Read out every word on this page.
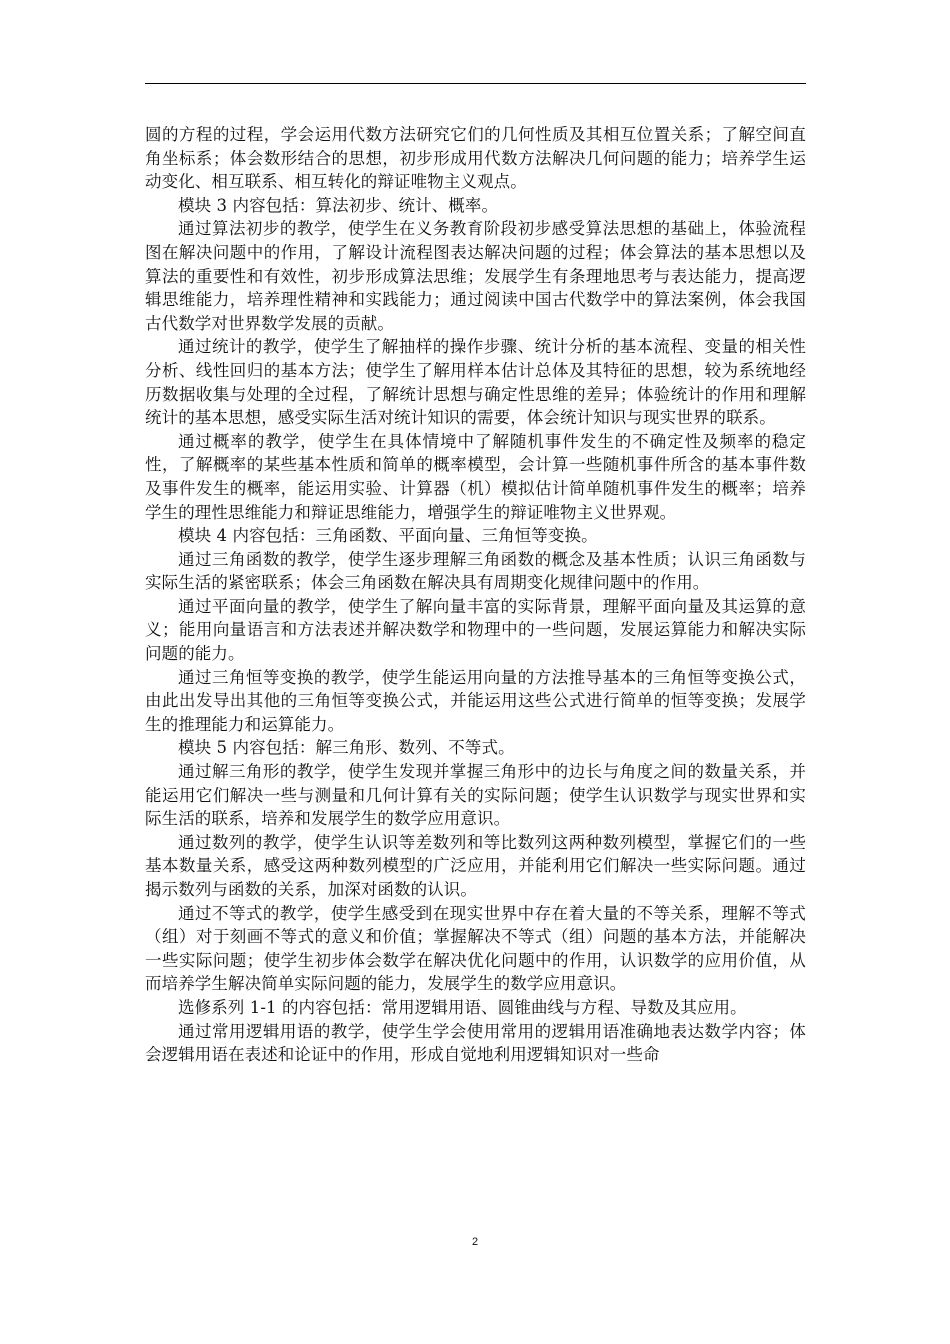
圆的方程的过程，学会运用代数方法研究它们的几何性质及其相互位置关系；了解空间直角坐标系；体会数形结合的思想，初步形成用代数方法解决几何问题的能力；培养学生运动变化、相互联系、相互转化的辩证唯物主义观点。

模块 3 内容包括：算法初步、统计、概率。

通过算法初步的教学，使学生在义务教育阶段初步感受算法思想的基础上，体验流程图在解决问题中的作用，了解设计流程图表达解决问题的过程；体会算法的基本思想以及算法的重要性和有效性，初步形成算法思维；发展学生有条理地思考与表达能力，提高逻辑思维能力，培养理性精神和实践能力；通过阅读中国古代数学中的算法案例，体会我国古代数学对世界数学发展的贡献。

通过统计的教学，使学生了解抽样的操作步骤、统计分析的基本流程、变量的相关性分析、线性回归的基本方法；使学生了解用样本估计总体及其特征的思想，较为系统地经历数据收集与处理的全过程，了解统计思想与确定性思维的差异；体验统计的作用和理解统计的基本思想，感受实际生活对统计知识的需要，体会统计知识与现实世界的联系。

通过概率的教学，使学生在具体情境中了解随机事件发生的不确定性及频率的稳定性，了解概率的某些基本性质和简单的概率模型，会计算一些随机事件所含的基本事件数及事件发生的概率，能运用实验、计算器（机）模拟估计简单随机事件发生的概率；培养学生的理性思维能力和辩证思维能力，增强学生的辩证唯物主义世界观。

模块 4 内容包括：三角函数、平面向量、三角恒等变换。

通过三角函数的教学，使学生逐步理解三角函数的概念及基本性质；认识三角函数与实际生活的紧密联系；体会三角函数在解决具有周期变化规律问题中的作用。

通过平面向量的教学，使学生了解向量丰富的实际背景，理解平面向量及其运算的意义；能用向量语言和方法表述并解决数学和物理中的一些问题，发展运算能力和解决实际问题的能力。

通过三角恒等变换的教学，使学生能运用向量的方法推导基本的三角恒等变换公式，由此出发导出其他的三角恒等变换公式，并能运用这些公式进行简单的恒等变换；发展学生的推理能力和运算能力。

模块 5 内容包括：解三角形、数列、不等式。

通过解三角形的教学，使学生发现并掌握三角形中的边长与角度之间的数量关系，并能运用它们解决一些与测量和几何计算有关的实际问题；使学生认识数学与现实世界和实际生活的联系，培养和发展学生的数学应用意识。

通过数列的教学，使学生认识等差数列和等比数列这两种数列模型，掌握它们的一些基本数量关系，感受这两种数列模型的广泛应用，并能利用它们解决一些实际问题。通过揭示数列与函数的关系，加深对函数的认识。

通过不等式的教学，使学生感受到在现实世界中存在着大量的不等关系，理解不等式（组）对于刻画不等式的意义和价值；掌握解决不等式（组）问题的基本方法，并能解决一些实际问题；使学生初步体会数学在解决优化问题中的作用，认识数学的应用价值，从而培养学生解决简单实际问题的能力，发展学生的数学应用意识。

选修系列 1-1 的内容包括：常用逻辑用语、圆锥曲线与方程、导数及其应用。

通过常用逻辑用语的教学，使学生学会使用常用的逻辑用语准确地表达数学内容；体会逻辑用语在表述和论证中的作用，形成自觉地利用逻辑知识对一些命

2
